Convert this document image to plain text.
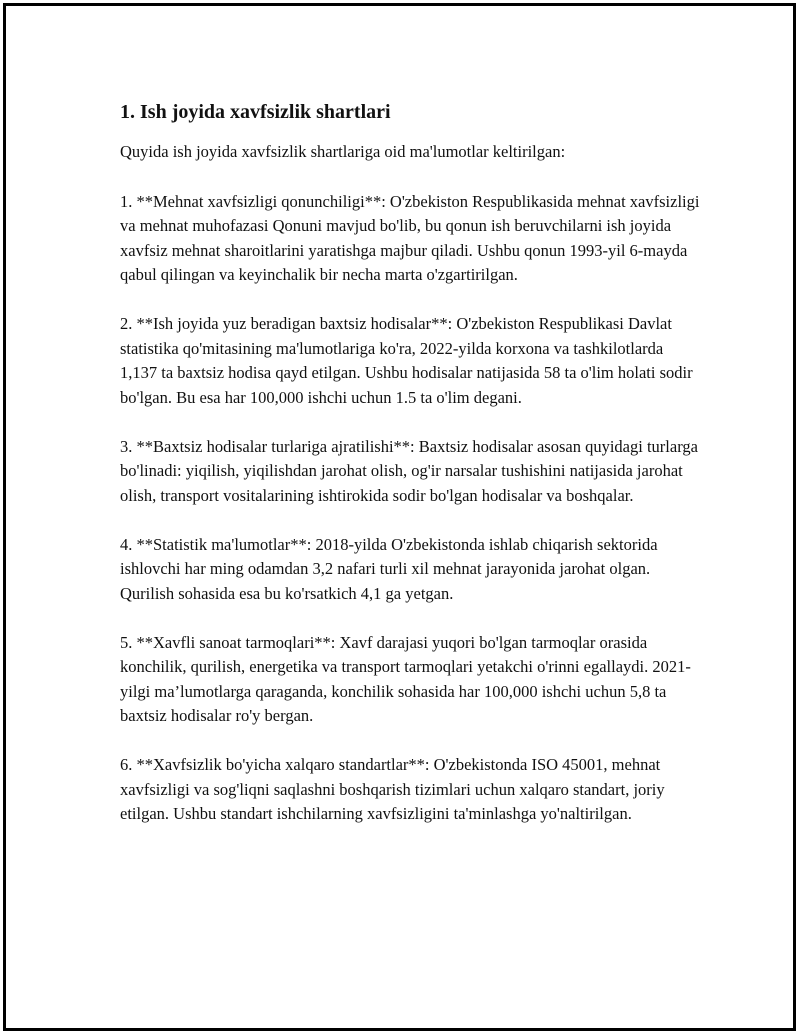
1. Ish joyida xavfsizlik shartlari

Quyida ish joyida xavfsizlik shartlariga oid ma'lumotlar keltirilgan:

1. **Mehnat xavfsizligi qonunchiligi**: O'zbekiston Respublikasida mehnat xavfsizligi va mehnat muhofazasi Qonuni mavjud bo'lib, bu qonun ish beruvchilarni ish joyida xavfsiz mehnat sharoitlarini yaratishga majbur qiladi. Ushbu qonun 1993-yil 6-mayda qabul qilingan va keyinchalik bir necha marta o'zgartirilgan.

2. **Ish joyida yuz beradigan baxtsiz hodisalar**: O'zbekiston Respublikasi Davlat statistika qo'mitasining ma'lumotlariga ko'ra, 2022-yilda korxona va tashkilotlarda 1,137 ta baxtsiz hodisa qayd etilgan. Ushbu hodisalar natijasida 58 ta o'lim holati sodir bo'lgan. Bu esa har 100,000 ishchi uchun 1.5 ta o'lim degani.

3. **Baxtsiz hodisalar turlariga ajratilishi**: Baxtsiz hodisalar asosan quyidagi turlarga bo'linadi: yiqilish, yiqilishdan jarohat olish, og'ir narsalar tushishini natijasida jarohat olish, transport vositalarining ishtirokida sodir bo'lgan hodisalar va boshqalar.

4. **Statistik ma'lumotlar**: 2018-yilda O'zbekistonda ishlab chiqarish sektorida ishlovchi har ming odamdan 3,2 nafari turli xil mehnat jarayonida jarohat olgan. Qurilish sohasida esa bu ko'rsatkich 4,1 ga yetgan.

5. **Xavfli sanoat tarmoqlari**: Xavf darajasi yuqori bo'lgan tarmoqlar orasida konchilik, qurilish, energetika va transport tarmoqlari yetakchi o'rinni egallaydi. 2021-yilgi ma’lumotlarga qaraganda, konchilik sohasida har 100,000 ishchi uchun 5,8 ta baxtsiz hodisalar ro'y bergan.

6. **Xavfsizlik bo'yicha xalqaro standartlar**: O'zbekistonda ISO 45001, mehnat xavfsizligi va sog'liqni saqlashni boshqarish tizimlari uchun xalqaro standart, joriy etilgan. Ushbu standart ishchilarning xavfsizligini ta'minlashga yo'naltirilgan.
